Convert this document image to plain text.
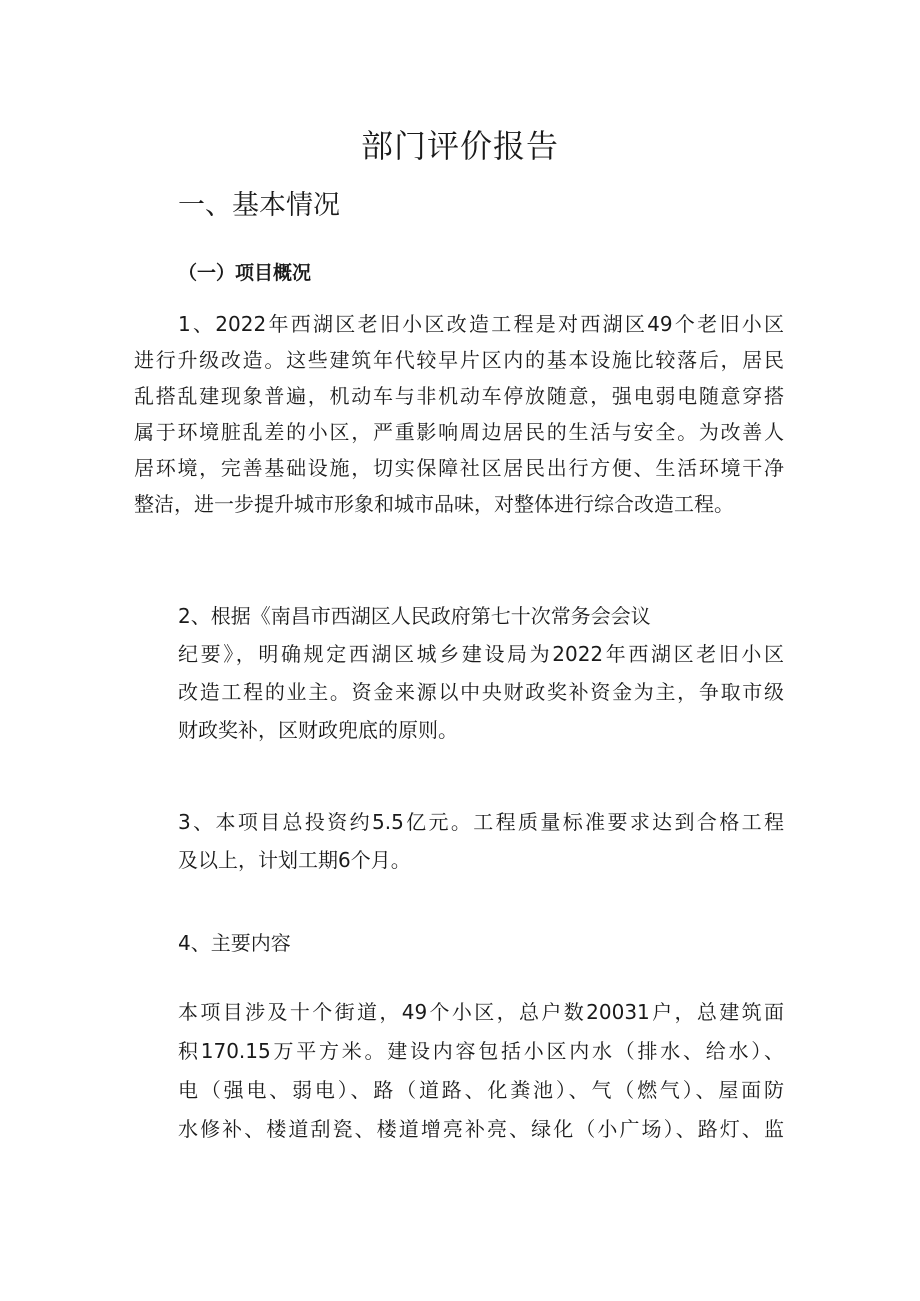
部门评价报告
一、基本情况
（一）项目概况
1、2022年西湖区老旧小区改造工程是对西湖区49个老旧小区
进行升级改造。这些建筑年代较早片区内的基本设施比较落后，居民
乱搭乱建现象普遍，机动车与非机动车停放随意，强电弱电随意穿搭
属于环境脏乱差的小区，严重影响周边居民的生活与安全。为改善人
居环境，完善基础设施，切实保障社区居民出行方便、生活环境干净
整洁，进一步提升城市形象和城市品味，对整体进行综合改造工程。
2、根据《南昌市西湖区人民政府第七十次常务会会议
纪要》，明确规定西湖区城乡建设局为2022年西湖区老旧小区
改造工程的业主。资金来源以中央财政奖补资金为主，争取市级
财政奖补，区财政兜底的原则。
3、本项目总投资约5.5亿元。工程质量标准要求达到合格工程
及以上，计划工期6个月。
4、主要内容
本项目涉及十个街道，49个小区，总户数20031户，总建筑面
积170.15万平方米。建设内容包括小区内水（排水、给水）、
电（强电、弱电）、路（道路、化粪池）、气（燃气）、屋面防
水修补、楼道刮瓷、楼道增亮补亮、绿化（小广场）、路灯、监
